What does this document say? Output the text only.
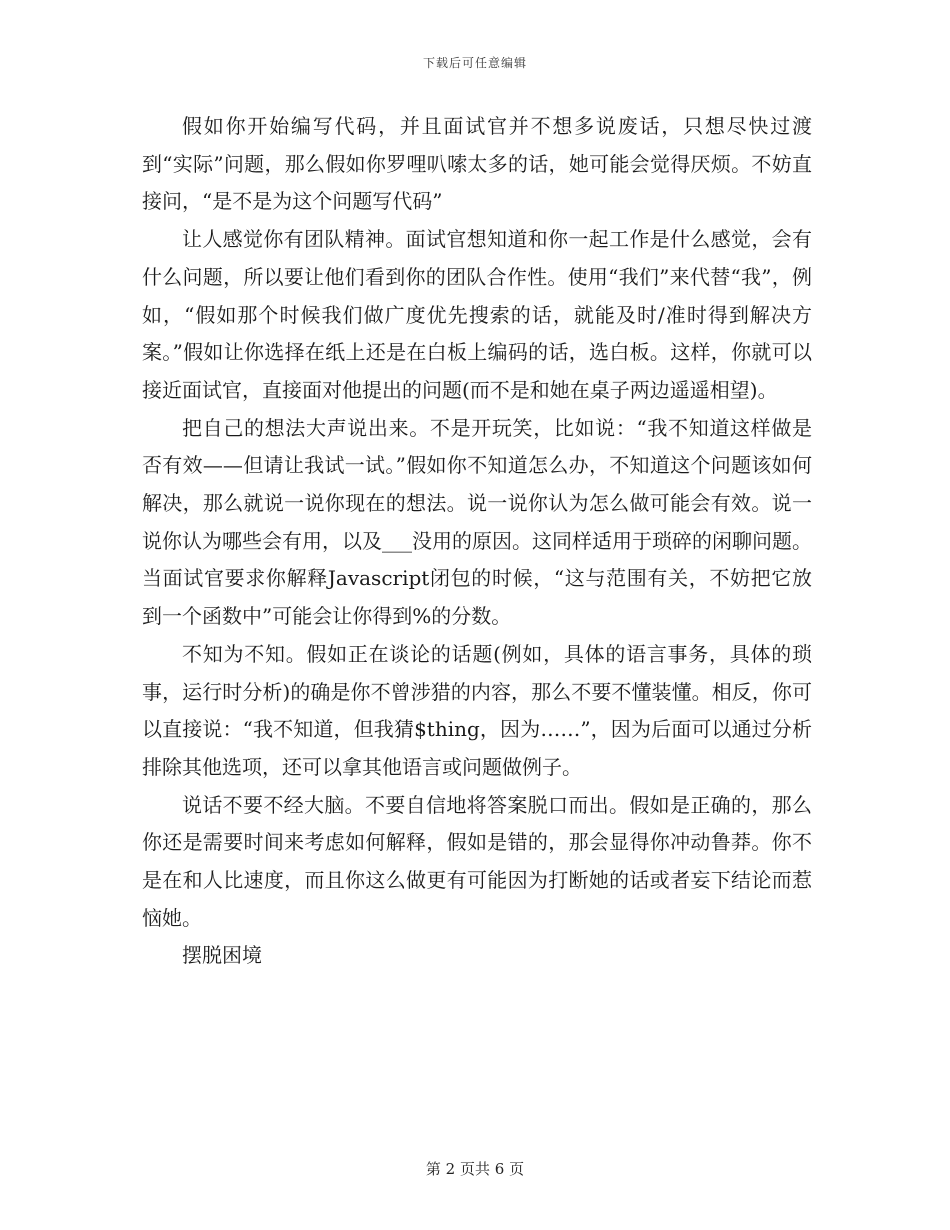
下载后可任意编辑

假如你开始编写代码，并且面试官并不想多说废话，只想尽快过渡到“实际”问题，那么假如你罗哩叭嗦太多的话，她可能会觉得厌烦。不妨直接问，“是不是为这个问题写代码”

让人感觉你有团队精神。面试官想知道和你一起工作是什么感觉，会有什么问题，所以要让他们看到你的团队合作性。使用“我们”来代替“我”，例如，“假如那个时候我们做广度优先搜索的话，就能及时/准时得到解决方案。”假如让你选择在纸上还是在白板上编码的话，选白板。这样，你就可以接近面试官，直接面对他提出的问题(而不是和她在桌子两边遥遥相望)。

把自己的想法大声说出来。不是开玩笑，比如说：“我不知道这样做是否有效——但请让我试一试。”假如你不知道怎么办，不知道这个问题该如何解决，那么就说一说你现在的想法。说一说你认为怎么做可能会有效。说一说你认为哪些会有用，以及___没用的原因。这同样适用于琐碎的闲聊问题。当面试官要求你解释Javascript闭包的时候，“这与范围有关，不妨把它放到一个函数中”可能会让你得到%的分数。

不知为不知。假如正在谈论的话题(例如，具体的语言事务，具体的琐事，运行时分析)的确是你不曾涉猎的内容，那么不要不懂装懂。相反，你可以直接说：“我不知道，但我猜$thing，因为……”，因为后面可以通过分析排除其他选项，还可以拿其他语言或问题做例子。

说话不要不经大脑。不要自信地将答案脱口而出。假如是正确的，那么你还是需要时间来考虑如何解释，假如是错的，那会显得你冲动鲁莽。你不是在和人比速度，而且你这么做更有可能因为打断她的话或者妄下结论而惹恼她。

摆脱困境

第 2 页共 6 页
